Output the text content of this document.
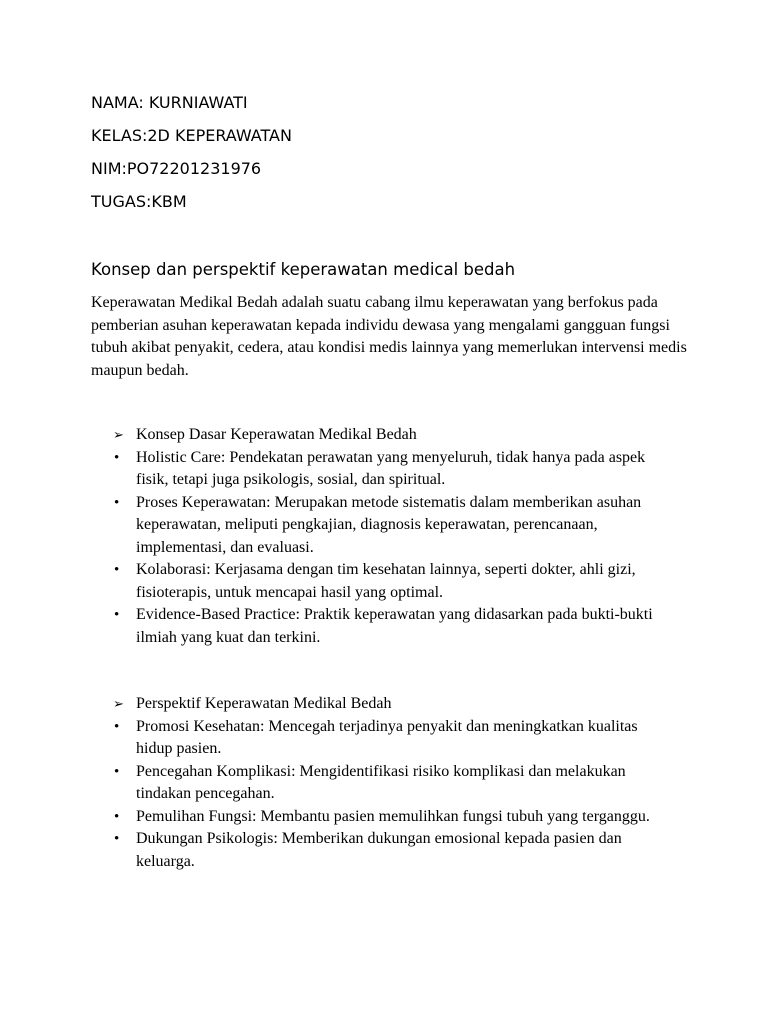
NAMA: KURNIAWATI
KELAS:2D KEPERAWATAN
NIM:PO72201231976
TUGAS:KBM
Konsep dan perspektif keperawatan medical bedah

Keperawatan Medikal Bedah adalah suatu cabang ilmu keperawatan yang berfokus pada pemberian asuhan keperawatan kepada individu dewasa yang mengalami gangguan fungsi tubuh akibat penyakit, cedera, atau kondisi medis lainnya yang memerlukan intervensi medis maupun bedah.

➢ Konsep Dasar Keperawatan Medikal Bedah
•	Holistic Care: Pendekatan perawatan yang menyeluruh, tidak hanya pada aspek fisik, tetapi juga psikologis, sosial, dan spiritual.
•	Proses Keperawatan: Merupakan metode sistematis dalam memberikan asuhan keperawatan, meliputi pengkajian, diagnosis keperawatan, perencanaan, implementasi, dan evaluasi.
•	Kolaborasi: Kerjasama dengan tim kesehatan lainnya, seperti dokter, ahli gizi, fisioterapis, untuk mencapai hasil yang optimal.
•	Evidence-Based Practice: Praktik keperawatan yang didasarkan pada bukti-bukti ilmiah yang kuat dan terkini.
➢ Perspektif Keperawatan Medikal Bedah
•	Promosi Kesehatan: Mencegah terjadinya penyakit dan meningkatkan kualitas hidup pasien.
•	Pencegahan Komplikasi: Mengidentifikasi risiko komplikasi dan melakukan tindakan pencegahan.
•	Pemulihan Fungsi: Membantu pasien memulihkan fungsi tubuh yang terganggu.
•	Dukungan Psikologis: Memberikan dukungan emosional kepada pasien dan keluarga.
